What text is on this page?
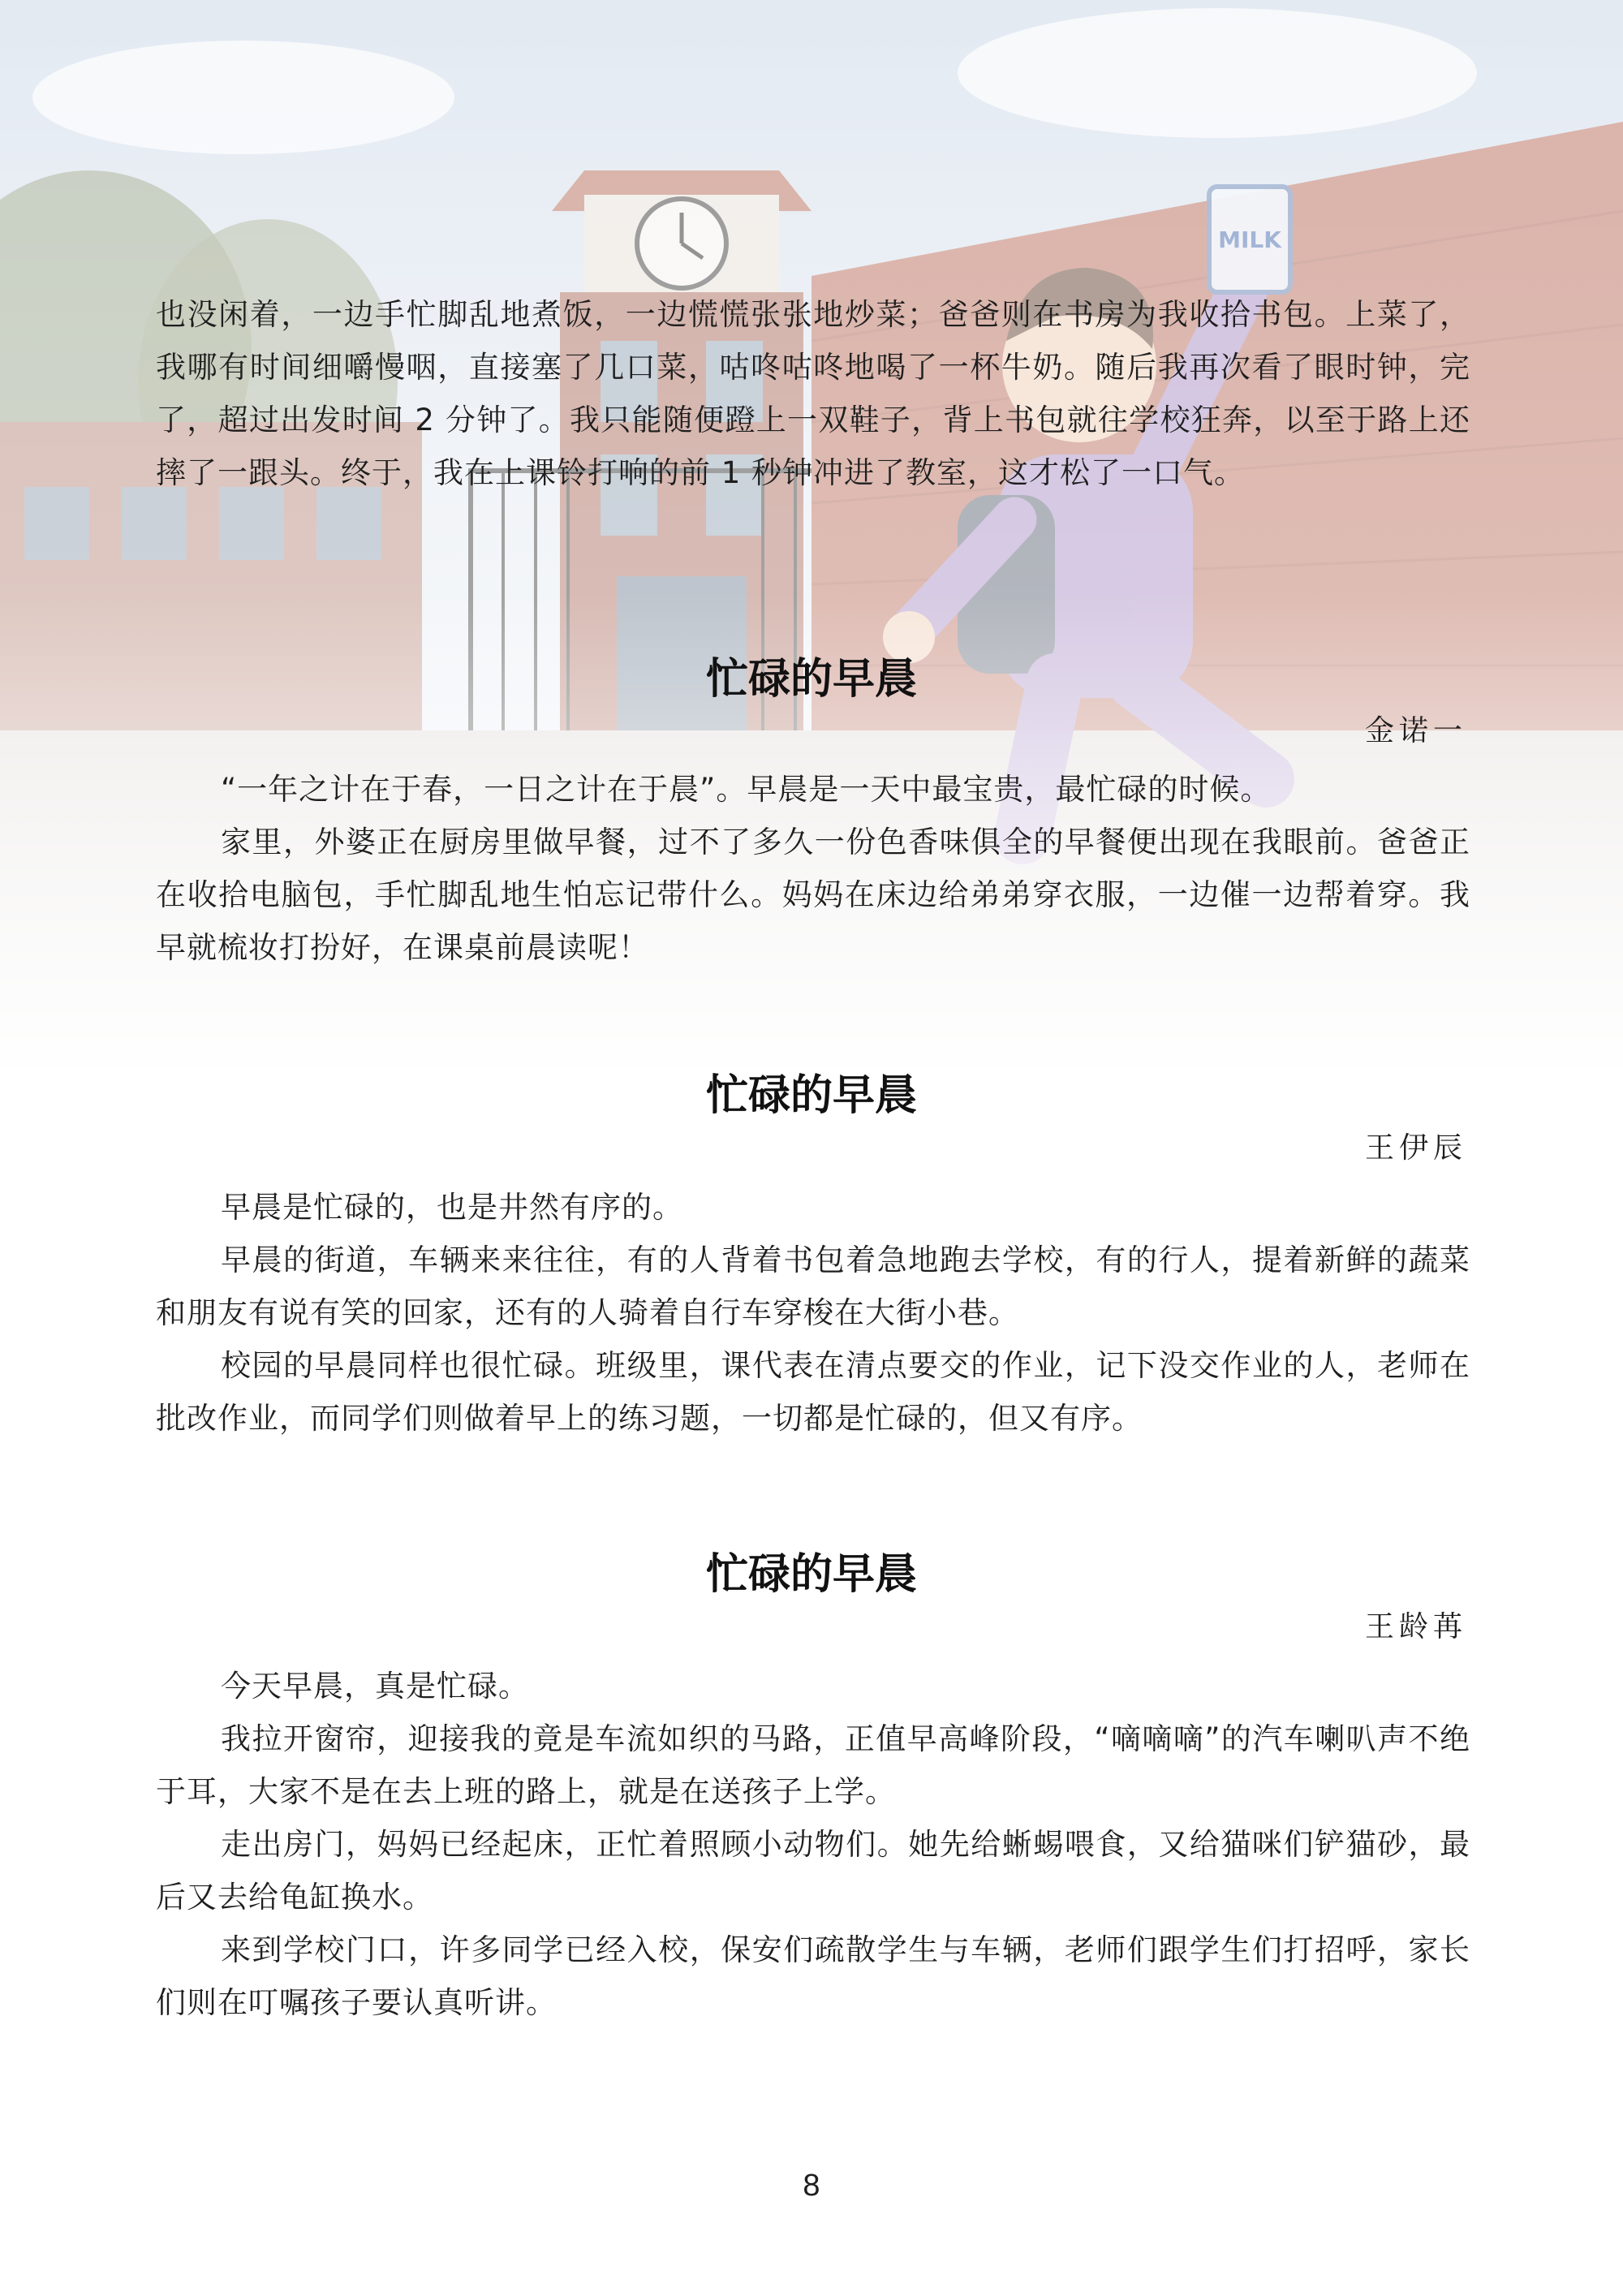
也没闲着，一边手忙脚乱地煮饭，一边慌慌张张地炒菜；爸爸则在书房为我收拾书包。上菜了，我哪有时间细嚼慢咽，直接塞了几口菜，咕咚咕咚地喝了一杯牛奶。随后我再次看了眼时钟，完了，超过出发时间 2 分钟了。我只能随便蹬上一双鞋子，背上书包就往学校狂奔，以至于路上还摔了一跟头。终于，我在上课铃打响的前 1 秒钟冲进了教室，这才松了一口气。
忙碌的早晨
金诺一
“一年之计在于春，一日之计在于晨”。早晨是一天中最宝贵，最忙碌的时候。
家里，外婆正在厨房里做早餐，过不了多久一份色香味俱全的早餐便出现在我眼前。爸爸正在收拾电脑包，手忙脚乱地生怕忘记带什么。妈妈在床边给弟弟穿衣服，一边催一边帮着穿。我早就梳妆打扮好，在课桌前晨读呢！
忙碌的早晨
王伊辰
早晨是忙碌的，也是井然有序的。
早晨的街道，车辆来来往往，有的人背着书包着急地跑去学校，有的行人，提着新鲜的蔬菜和朋友有说有笑的回家，还有的人骑着自行车穿梭在大街小巷。
校园的早晨同样也很忙碌。班级里，课代表在清点要交的作业，记下没交作业的人，老师在批改作业，而同学们则做着早上的练习题，一切都是忙碌的，但又有序。
忙碌的早晨
王龄苒
今天早晨，真是忙碌。
我拉开窗帘，迎接我的竟是车流如织的马路，正值早高峰阶段，“嘀嘀嘀”的汽车喇叭声不绝于耳，大家不是在去上班的路上，就是在送孩子上学。
走出房门，妈妈已经起床，正忙着照顾小动物们。她先给蜥蜴喂食，又给猫咪们铲猫砂，最后又去给龟缸换水。
来到学校门口，许多同学已经入校，保安们疏散学生与车辆，老师们跟学生们打招呼，家长们则在叮嘱孩子要认真听讲。
8
